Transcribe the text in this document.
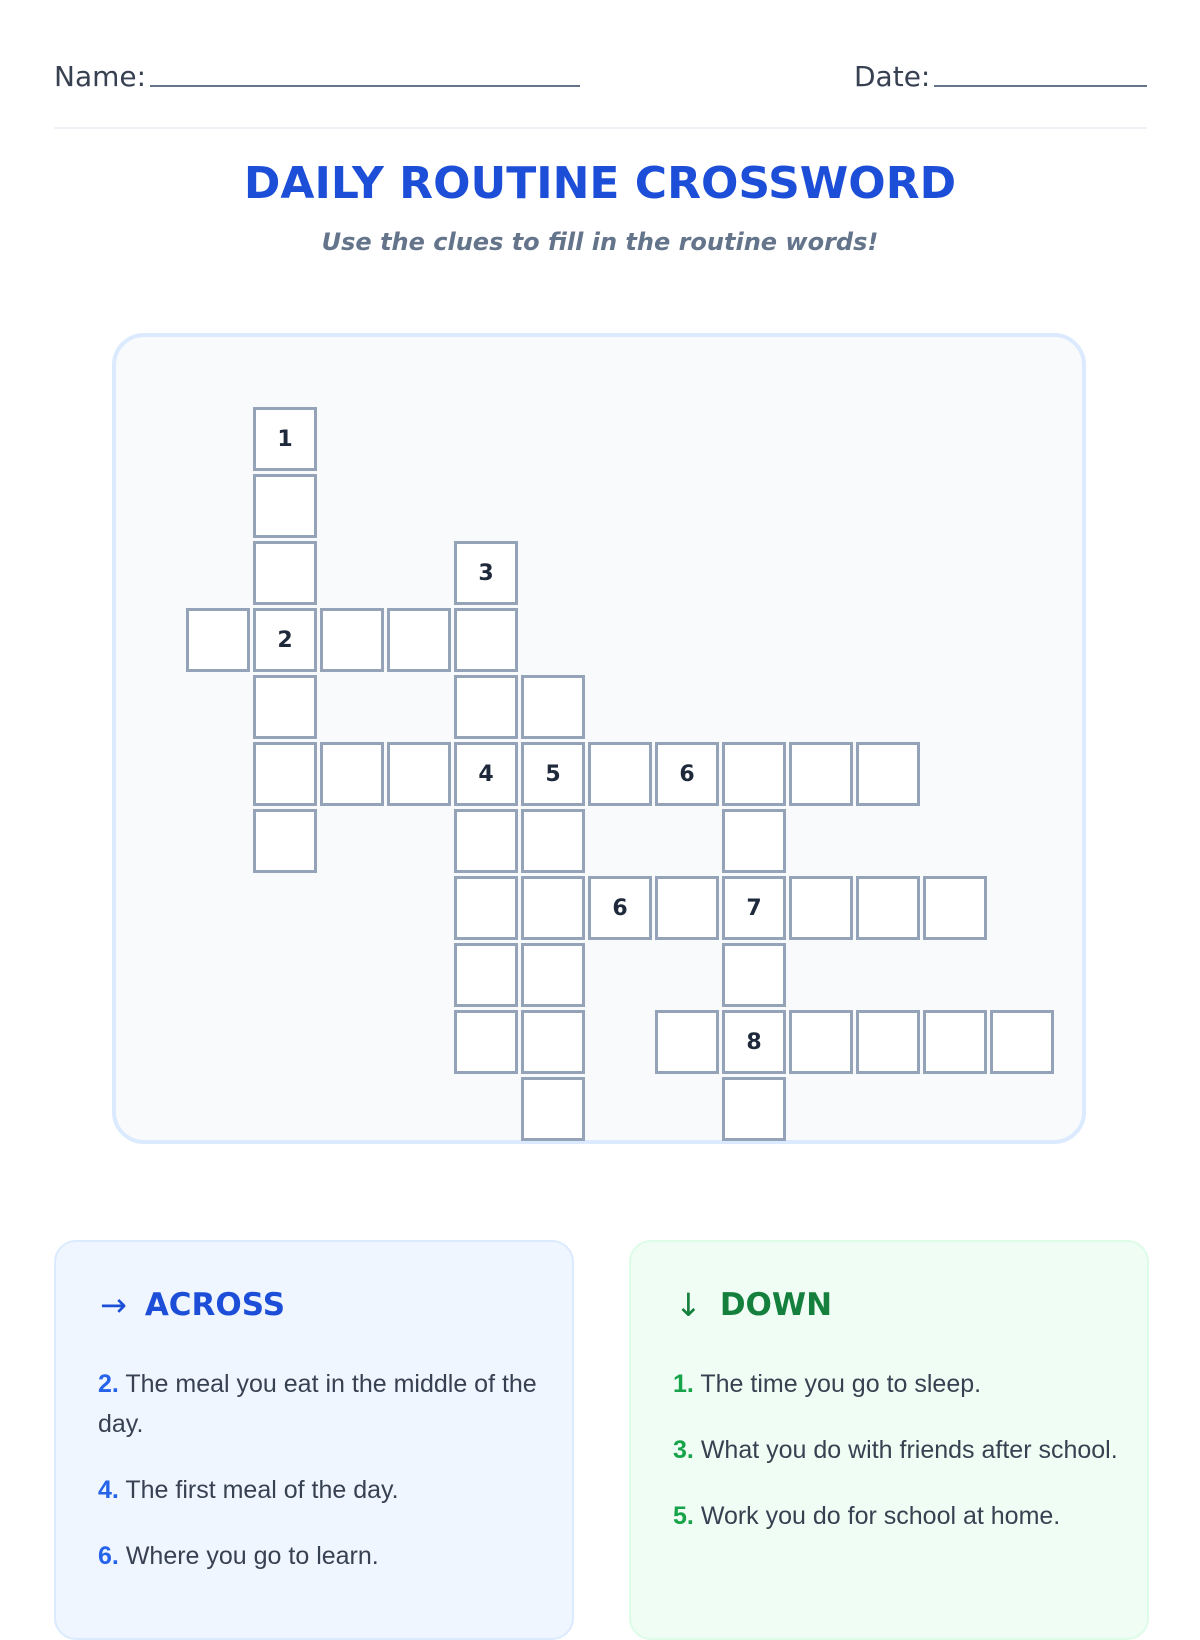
Name:	Date:
DAILY ROUTINE CROSSWORD
Use the clues to fill in the routine words!
1
3
2
4 5	6
6	7
8
→ ACROSS
2. The meal you eat in the middle of the day.
4. The first meal of the day.
6. Where you go to learn.
↓ DOWN
1. The time you go to sleep.
3. What you do with friends after school.
5. Work you do for school at home.
